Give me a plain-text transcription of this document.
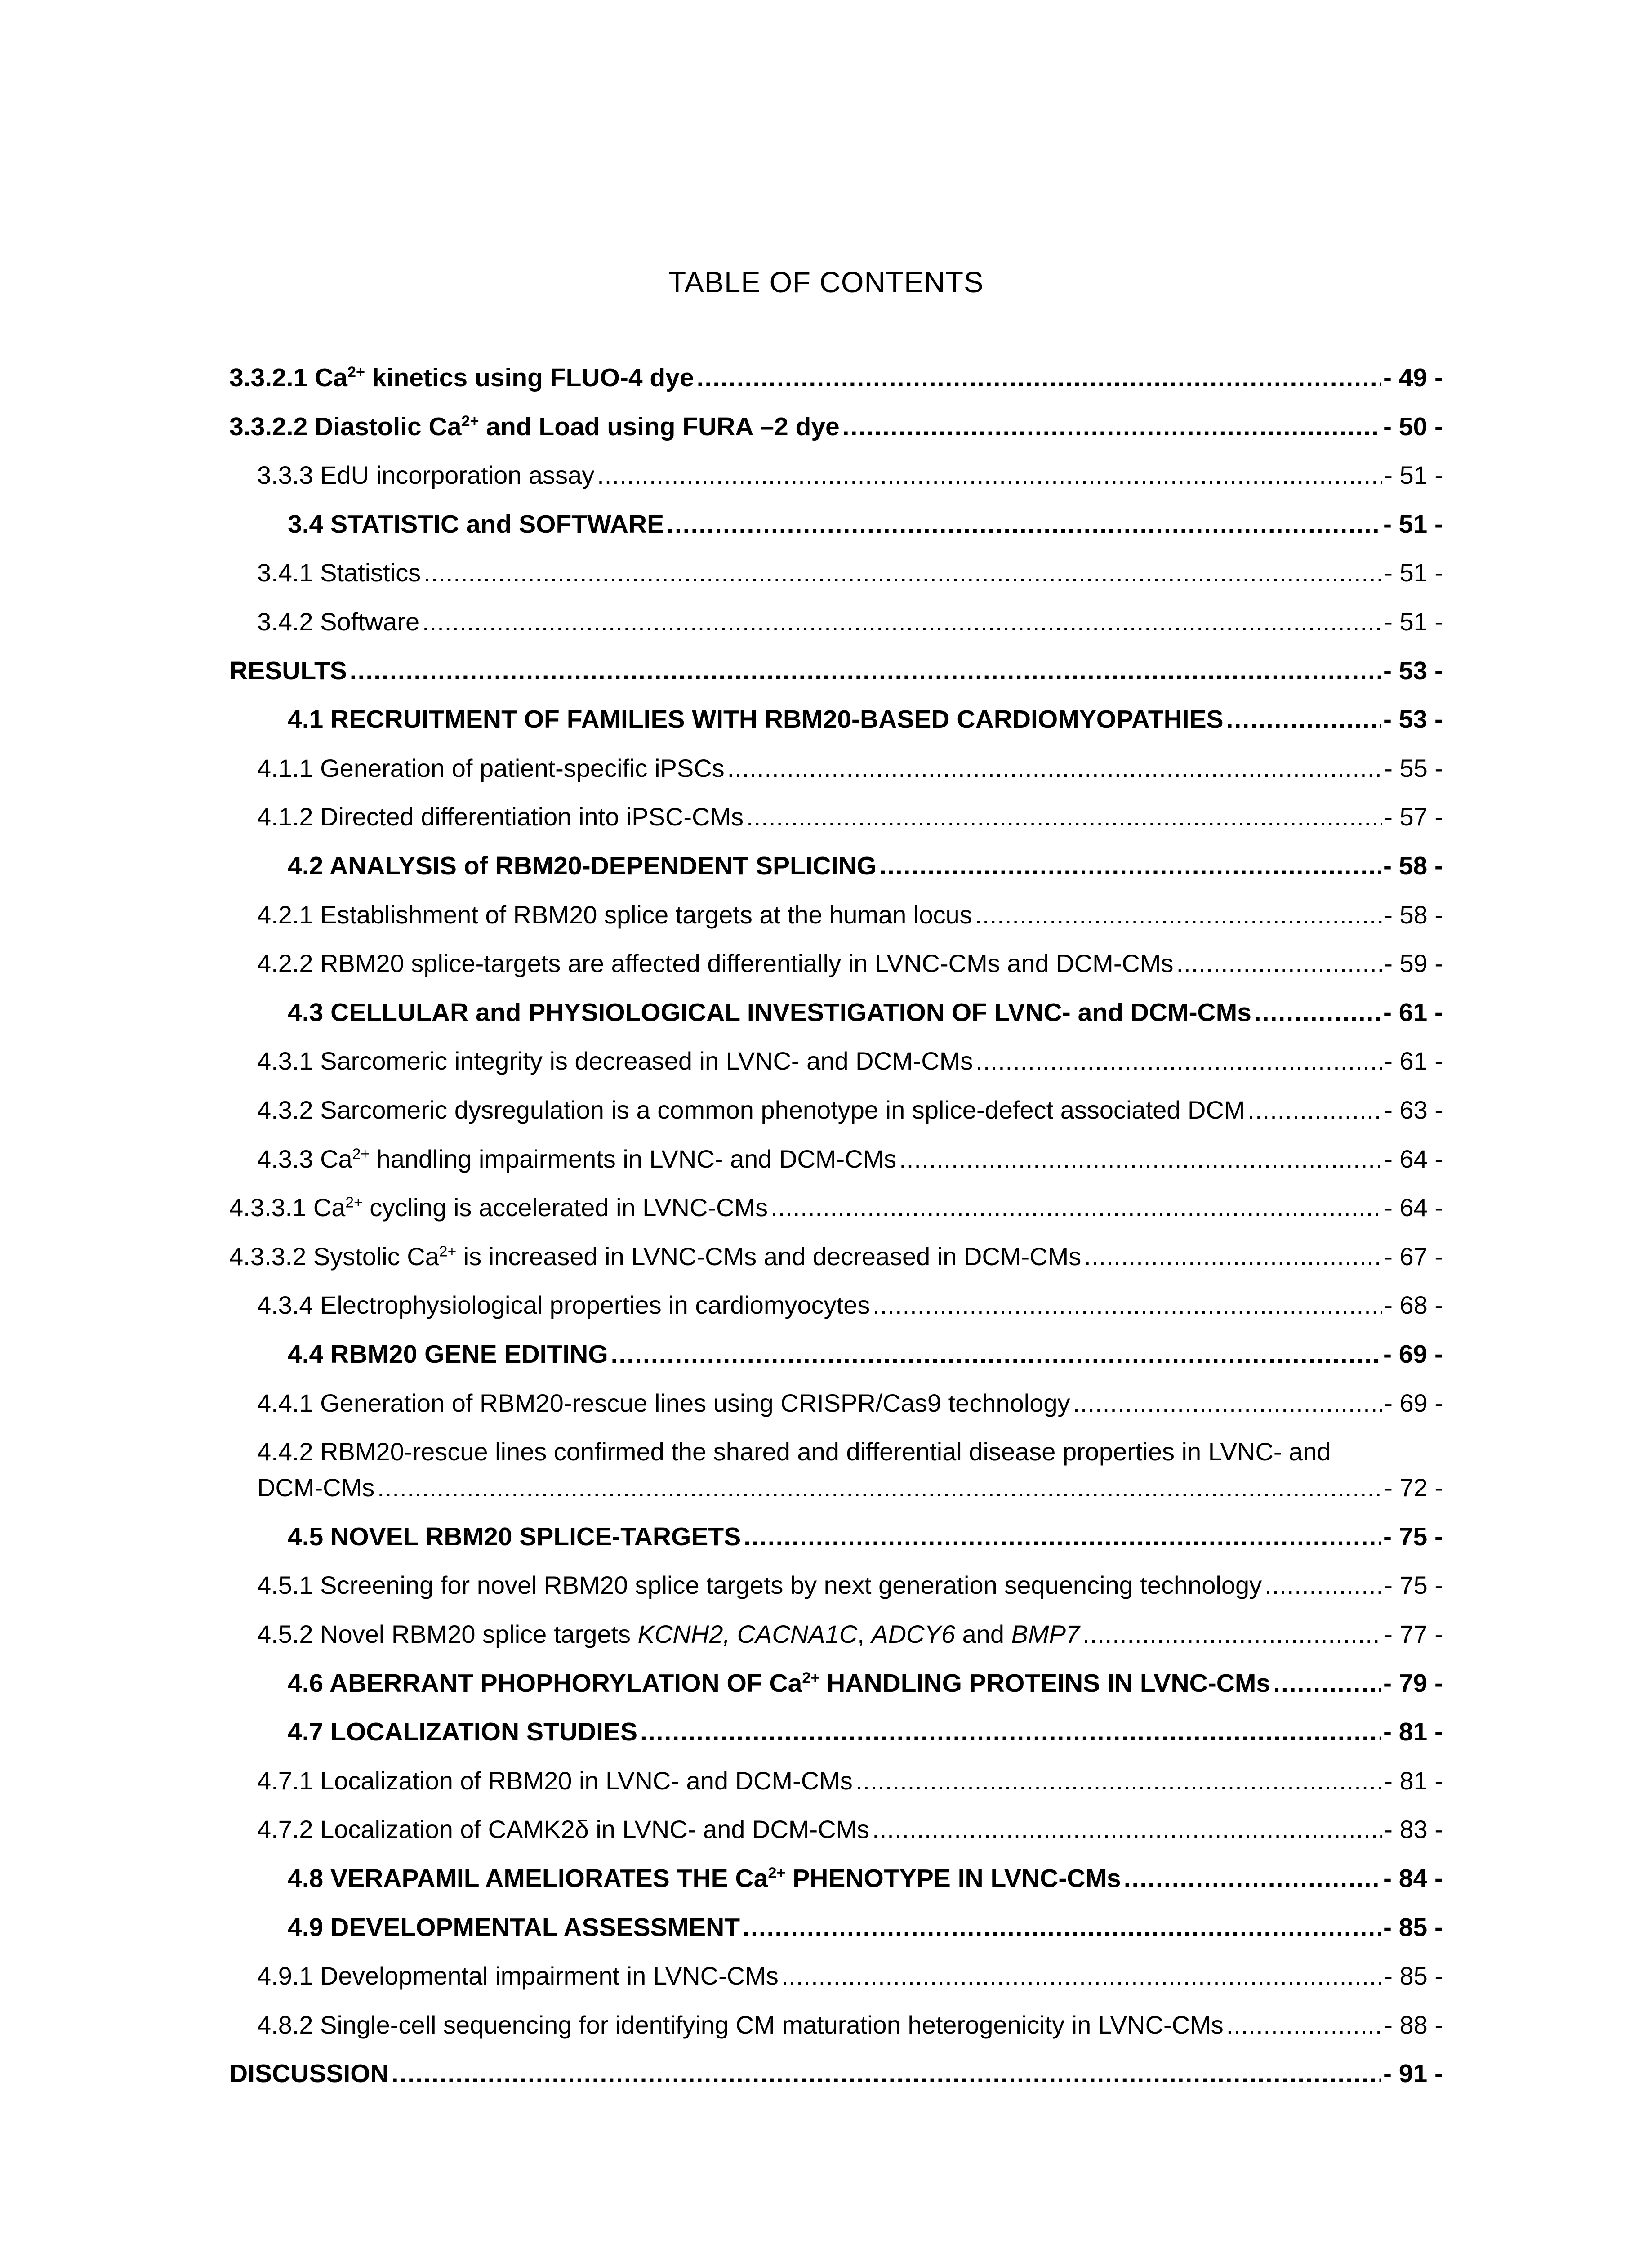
TABLE OF CONTENTS
3.3.2.1 $Ca^{2+}$ kinetics using FLUO-4 dye .....	- 49 -
3.3.2.2 Diastolic $Ca^{2+}$ and Load using FURA –2 dye .....	- 50 -
3.3.3 EdU incorporation assay .....	- 51 -
3.4 STATISTIC and SOFTWARE .....	- 51 -
3.4.1 Statistics .....	- 51 -
3.4.2 Software .....	- 51 -
RESULTS .....	- 53 -
4.1 RECRUITMENT OF FAMILIES WITH RBM20-BASED CARDIOMYOPATHIES .....	- 53 -
4.1.1 Generation of patient-specific iPSCs .....	- 55 -
4.1.2 Directed differentiation into iPSC-CMs .....	- 57 -
4.2 ANALYSIS of RBM20-DEPENDENT SPLICING .....	- 58 -
4.2.1 Establishment of RBM20 splice targets at the human locus .....	- 58 -
4.2.2 RBM20 splice-targets are affected differentially in LVNC-CMs and DCM-CMs .....	- 59 -
4.3 CELLULAR and PHYSIOLOGICAL INVESTIGATION OF LVNC- and DCM-CMs .....	- 61 -
4.3.1 Sarcomeric integrity is decreased in LVNC- and DCM-CMs .....	- 61 -
4.3.2 Sarcomeric dysregulation is a common phenotype in splice-defect associated DCM .....	- 63 -
4.3.3 $Ca^{2+}$ handling impairments in LVNC- and DCM-CMs .....	- 64 -
4.3.3.1 $Ca^{2+}$ cycling is accelerated in LVNC-CMs .....	- 64 -
4.3.3.2 Systolic $Ca^{2+}$ is increased in LVNC-CMs and decreased in DCM-CMs .....	- 67 -
4.3.4 Electrophysiological properties in cardiomyocytes .....	- 68 -
4.4 RBM20 GENE EDITING .....	- 69 -
4.4.1 Generation of RBM20-rescue lines using CRISPR/Cas9 technology .....	- 69 -
4.4.2 RBM20-rescue lines confirmed the shared and differential disease properties in LVNC- and
DCM-CMs .....	- 72 -
4.5 NOVEL RBM20 SPLICE-TARGETS .....	- 75 -
4.5.1 Screening for novel RBM20 splice targets by next generation sequencing technology .....	- 75 -
4.5.2 Novel RBM20 splice targets KCNH2, CACNA1C, ADCY6 and BMP7 .....	- 77 -
4.6 ABERRANT PHOPHORYLATION OF $Ca^{2+}$ HANDLING PROTEINS IN LVNC-CMs .....	- 79 -
4.7 LOCALIZATION STUDIES .....	- 81 -
4.7.1 Localization of RBM20 in LVNC- and DCM-CMs .....	- 81 -
4.7.2 Localization of CAMK2δ in LVNC- and DCM-CMs .....	- 83 -
4.8 VERAPAMIL AMELIORATES THE $Ca^{2+}$ PHENOTYPE IN LVNC-CMs .....	- 84 -
4.9 DEVELOPMENTAL ASSESSMENT .....	- 85 -
4.9.1 Developmental impairment in LVNC-CMs .....	- 85 -
4.8.2 Single-cell sequencing for identifying CM maturation heterogenicity in LVNC-CMs .....	- 88 -
DISCUSSION .....	- 91 -
